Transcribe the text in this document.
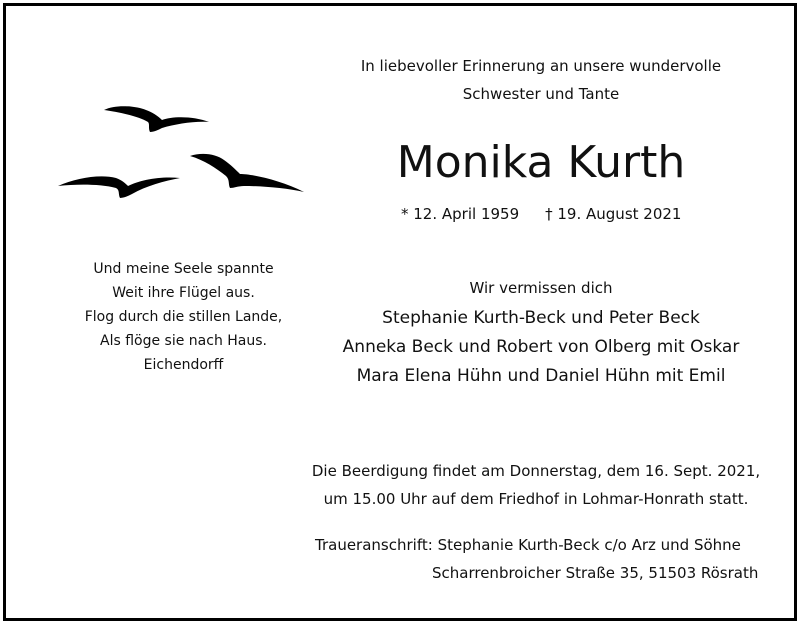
In liebevoller Erinnerung an unsere wundervolle
Schwester und Tante
Monika Kurth
* 12. April 1959 † 19. August 2021
Und meine Seele spannte
Weit ihre Flügel aus.
Flog durch die stillen Lande,
Als flöge sie nach Haus.
Eichendorff
Wir vermissen dich
Stephanie Kurth-Beck und Peter Beck
Anneka Beck und Robert von Olberg mit Oskar
Mara Elena Hühn und Daniel Hühn mit Emil
Die Beerdigung findet am Donnerstag, dem 16. Sept. 2021,
um 15.00 Uhr auf dem Friedhof in Lohmar-Honrath statt.
Traueranschrift: Stephanie Kurth-Beck c/o Arz und Söhne
Scharrenbroicher Straße 35, 51503 Rösrath
